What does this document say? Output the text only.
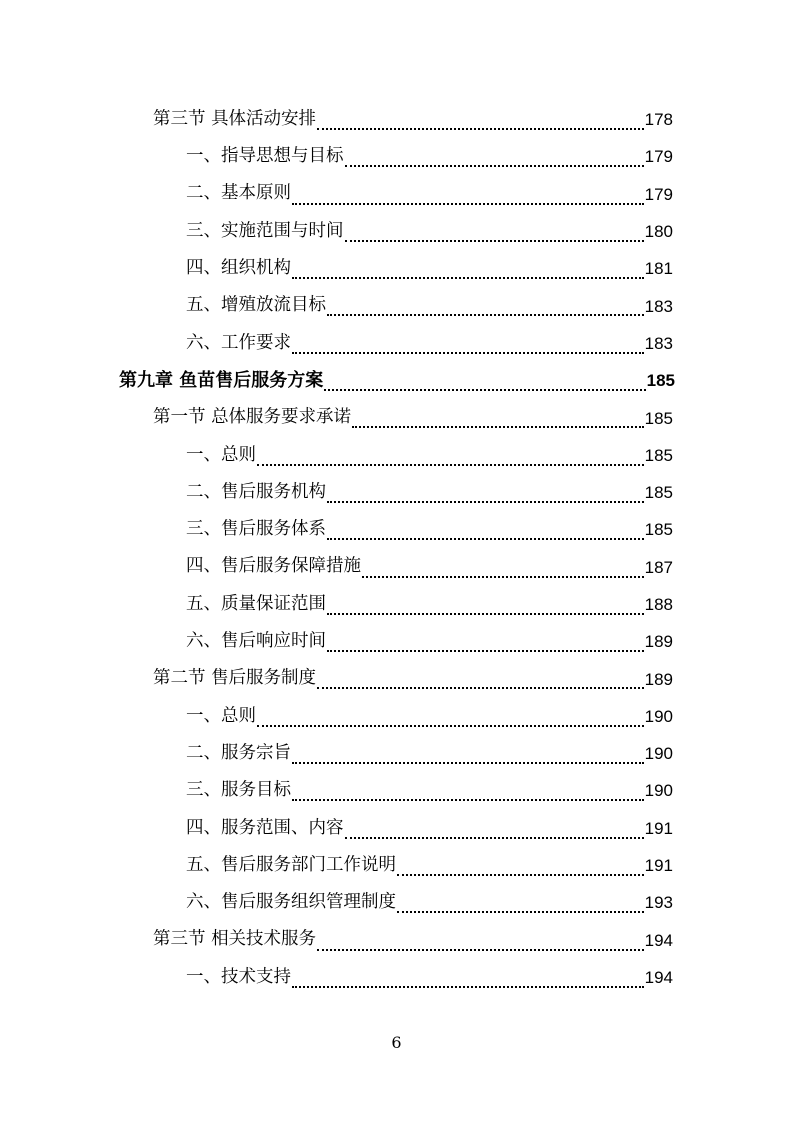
第三节 具体活动安排	178
一、指导思想与目标	179
二、基本原则	179
三、实施范围与时间	180
四、组织机构	181
五、增殖放流目标	183
六、工作要求	183
第九章 鱼苗售后服务方案	185
第一节 总体服务要求承诺	185
一、总则	185
二、售后服务机构	185
三、售后服务体系	185
四、售后服务保障措施	187
五、质量保证范围	188
六、售后响应时间	189
第二节 售后服务制度	189
一、总则	190
二、服务宗旨	190
三、服务目标	190
四、服务范围、内容	191
五、售后服务部门工作说明	191
六、售后服务组织管理制度	193
第三节 相关技术服务	194
一、技术支持	194
6
